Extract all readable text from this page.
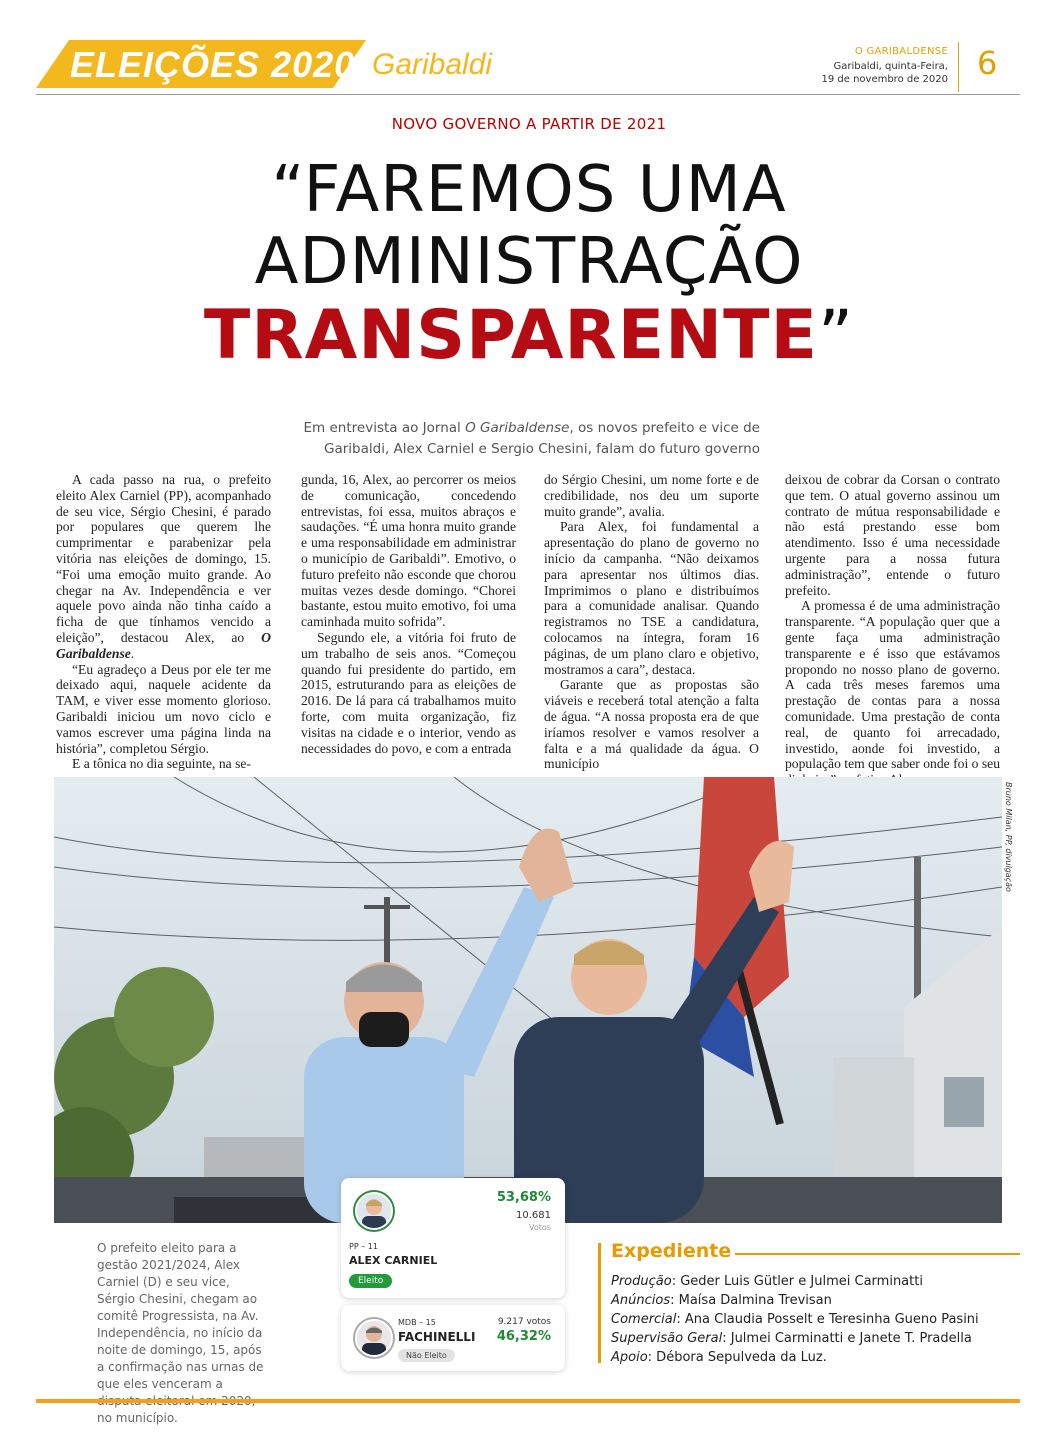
ELEIÇÕES 2020 Garibaldi	O GARIBALDENSE
Garibaldi, quinta-Feira,
19 de novembro de 2020 6
NOVO GOVERNO A PARTIR DE 2021
“FAREMOS UMA
ADMINISTRAÇÃO
TRANSPARENTE”
Em entrevista ao Jornal O Garibaldense, os novos prefeito e vice de
Garibaldi, Alex Carniel e Sergio Chesini, falam do futuro governo

A cada passo na rua, o prefeito eleito Alex Carniel (PP), acompanhado de seu vice, Sérgio Chesini, é parado por populares que querem lhe cumprimentar e parabenizar pela vitória nas eleições de domingo, 15. “Foi uma emoção muito grande. Ao chegar na Av. Independência e ver aquele povo ainda não tinha caído a ficha de que tínhamos vencido a eleição”, destacou Alex, ao O Garibaldense.

“Eu agradeço a Deus por ele ter me deixado aqui, naquele acidente da TAM, e viver esse momento glorioso. Garibaldi iniciou um novo ciclo e vamos escrever uma página linda na história”, completou Sérgio.

E a tônica no dia seguinte, na se-

gunda, 16, Alex, ao percorrer os meios de comunicação, concedendo entrevistas, foi essa, muitos abraços e saudações. “É uma honra muito grande e uma responsabilidade em administrar o município de Garibaldi”. Emotivo, o futuro prefeito não esconde que chorou muitas vezes desde domingo. “Chorei bastante, estou muito emotivo, foi uma caminhada muito sofrida”.

Segundo ele, a vitória foi fruto de um trabalho de seis anos. “Começou quando fui presidente do partido, em 2015, estruturando para as eleições de 2016. De lá para cá trabalhamos muito forte, com muita organização, fiz visitas na cidade e o interior, vendo as necessidades do povo, e com a entrada

do Sérgio Chesini, um nome forte e de credibilidade, nos deu um suporte muito grande”, avalia.

Para Alex, foi fundamental a apresentação do plano de governo no início da campanha. “Não deixamos para apresentar nos últimos dias. Imprimimos o plano e distribuímos para a comunidade analisar. Quando registramos no TSE a candidatura, colocamos na íntegra, foram 16 páginas, de um plano claro e objetivo, mostramos a cara”, destaca.

Garante que as propostas são viáveis e receberá total atenção a falta de água. “A nossa proposta era de que iríamos resolver e vamos resolver a falta e a má qualidade da água. O município

deixou de cobrar da Corsan o contrato que tem. O atual governo assinou um contrato de mútua responsabilidade e não está prestando esse bom atendimento. Isso é uma necessidade urgente para a nossa futura administração”, entende o futuro prefeito.

A promessa é de uma administração transparente. “A população quer que a gente faça uma administração transparente e é isso que estávamos propondo no nosso plano de governo. A cada três meses faremos uma prestação de contas para a nossa comunidade. Uma prestação de conta real, de quanto foi arrecadado, investido, aonde foi investido, a população tem que saber onde foi o seu

Bruno Milan, PP, divulgação
O prefeito eleito para a gestão 2021/2024, Alex Carniel (D) e seu vice, Sérgio Chesini, chegam ao comitê Progressista, na Av. Independência, no início da noite de domingo, 15, após a confirmação nas urnas de que eles venceram a no município.
53,68%
10.681
Votos
PP – 11
ALEX CARNIEL
Eleito
MDB – 15
FACHINELLI
Não Eleito
9.217 votos
46,32%
Expediente
Produção: Geder Luis Gütler e Julmei Carminatti
Anúncios: Maísa Dalmina Trevisan
Comercial: Ana Claudia Posselt e Teresinha Gueno Pasini
Supervisão Geral: Julmei Carminatti e Janete T. Pradella
Apoio: Débora Sepulveda da Luz.
